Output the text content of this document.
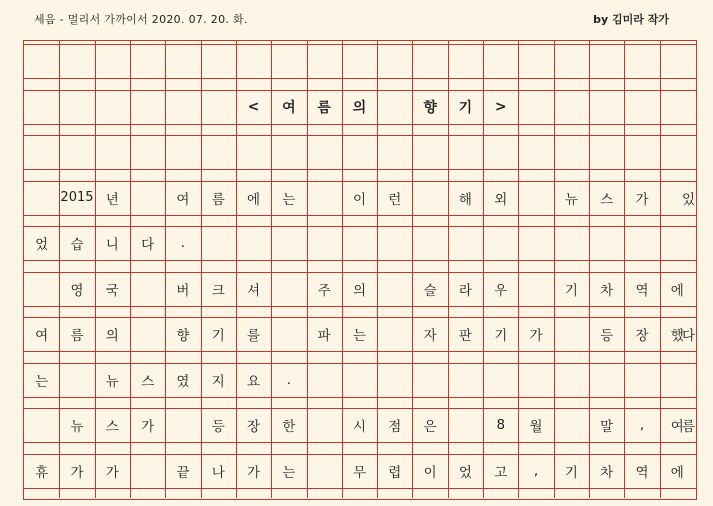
세음 - 멀리서 가까이서 2020. 07. 20. 화.	by 김미라 작가
<	여	름	의	향	기	>
2015 년	여	름	에	는	이	런	해	외	뉴	스	가	있
었	습	니	다	.
영	국	버	크	셔	주	의	슬	라	우	기	차	역	에
여	름	의	향	기	를	파	는	자	판	기	가	등	장	했
다
는	뉴	스	였	지	요	.
뉴	스	가	등	장	한	시	점	은	8	월	말	,	여
름
휴	가	가	끝	나	가	는	무	렵	이	었	고	,	기	차	역	에
